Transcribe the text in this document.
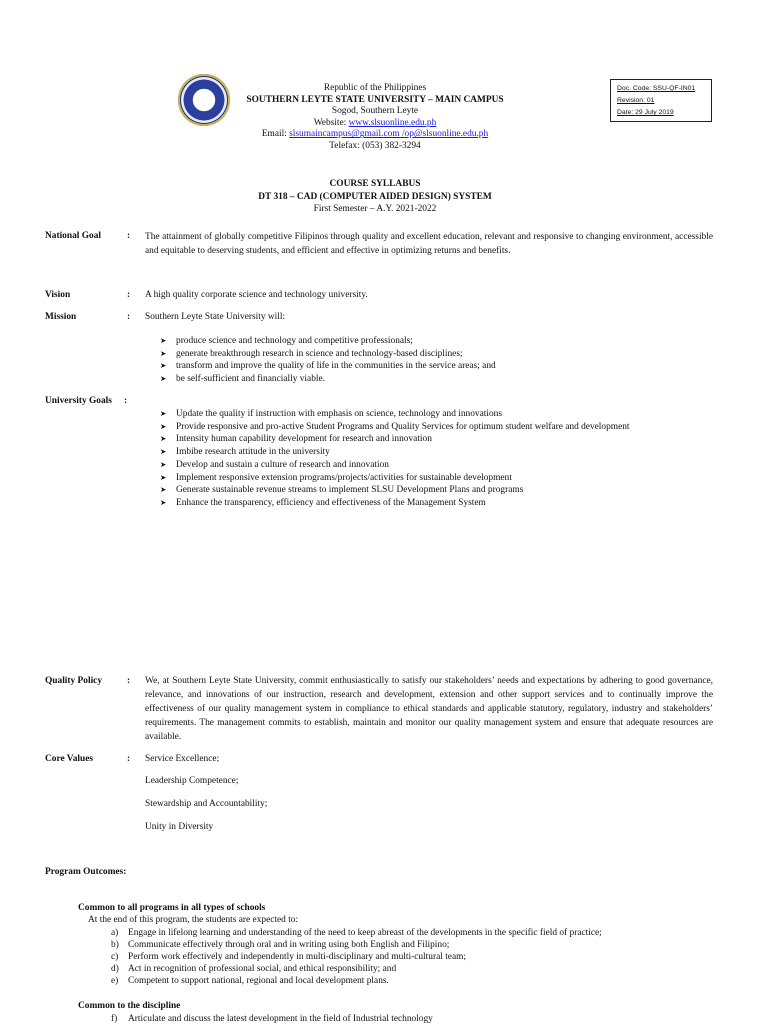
✦	Republic of the Philippines
SOUTHERN LEYTE STATE UNIVERSITY – MAIN CAMPUS
Sogod, Southern Leyte
Website: www.slsuonline.edu.ph
Email: slsumaincampus@gmail.com /op@slsuonline.edu.ph
Telefax: (053) 382-3294
Doc. Code: SSU-QF-IN01
Revision: 01
Date: 29 July 2019
COURSE SYLLABUS
DT 318 – CAD (COMPUTER AIDED DESIGN) SYSTEM
First Semester – A.Y. 2021-2022
National Goal	: The attainment of globally competitive Filipinos through quality and excellent education, relevant and responsive to changing environment, accessible and equitable to deserving students, and efficient and effective in optimizing returns and benefits.
Vision	: A high quality corporate science and technology university.
Mission	: Southern Leyte State University will:
➤ produce science and technology and competitive professionals;
➤ generate breakthrough research in science and technology-based disciplines;
➤ transform and improve the quality of life in the communities in the service areas; and
➤ be self-sufficient and financially viable.
University Goals :
➤ Update the quality if instruction with emphasis on science, technology and innovations
➤ Provide responsive and pro-active Student Programs and Quality Services for optimum student welfare and development
➤ Intensity human capability development for research and innovation
➤ Imbibe research attitude in the university
➤ Develop and sustain a culture of research and innovation
➤ Implement responsive extension programs/projects/activities for sustainable development
➤ Generate sustainable revenue streams to implement SLSU Development Plans and programs
➤ Enhance the transparency, efficiency and effectiveness of the Management System
Quality Policy	: We, at Southern Leyte State University, commit enthusiastically to satisfy our stakeholders’ needs and expectations by adhering to good governance, relevance, and innovations of our instruction, research and development, extension and other support services and to continually improve the effectiveness of our quality management system in compliance to ethical standards and applicable statutory, regulatory, industry and stakeholders’ requirements. The management commits to establish, maintain and monitor our quality management system and ensure that adequate resources are available.
Core Values	: Service Excellence;
Leadership Competence;
Stewardship and Accountability;
Unity in Diversity
Program Outcomes:
Common to all programs in all types of schools
At the end of this program, the students are expected to:
a) Engage in lifelong learning and understanding of the need to keep abreast of the developments in the specific field of practice;
b) Communicate effectively through oral and in writing using both English and Filipino;
c) Perform work effectively and independently in multi-disciplinary and multi-cultural team;
d) Act in recognition of professional social, and ethical responsibility; and
e) Competent to support national, regional and local development plans.
Common to the discipline
f) Articulate and discuss the latest development in the field of Industrial technology
